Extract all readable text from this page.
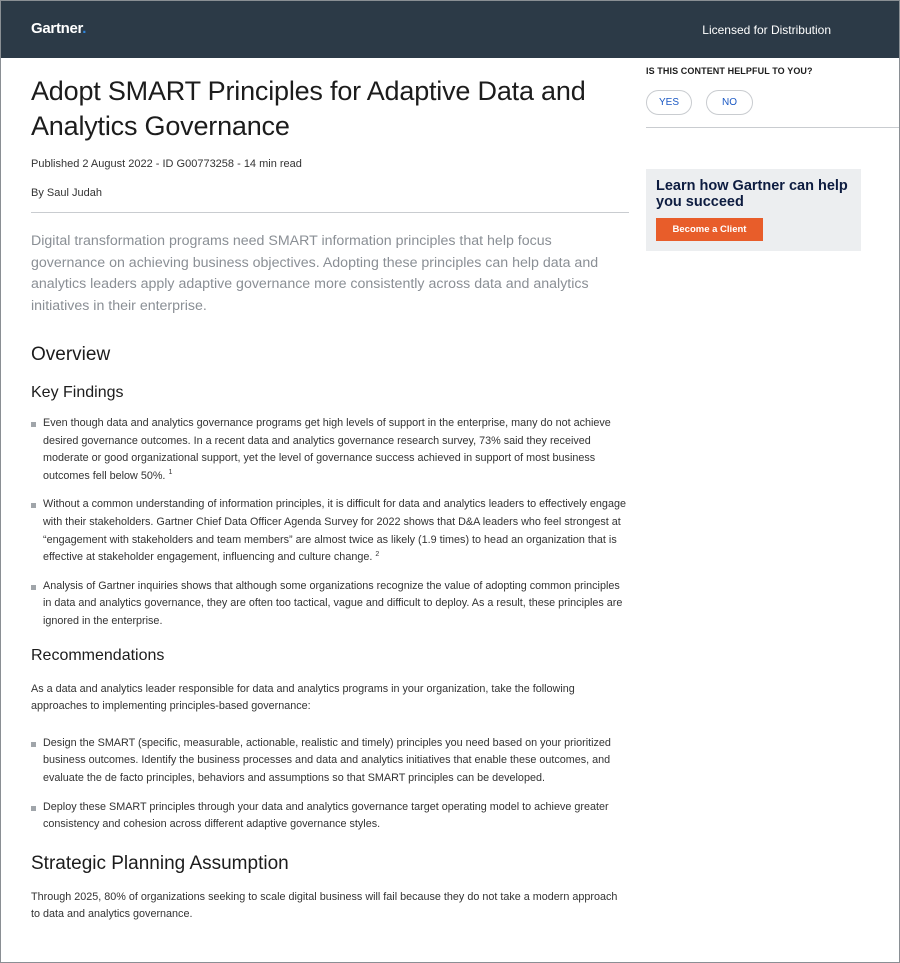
Gartner.	Licensed for Distribution
Adopt SMART Principles for Adaptive Data and Analytics Governance
Published 2 August 2022 - ID G00773258 - 14 min read
By Saul Judah

Digital transformation programs need SMART information principles that help focus governance on achieving business objectives. Adopting these principles can help data and analytics leaders apply adaptive governance more consistently across data and analytics initiatives in their enterprise.

Overview
Key Findings
Even though data and analytics governance programs get high levels of support in the enterprise, many do not achieve desired governance outcomes. In a recent data and analytics governance research survey, 73% said they received moderate or good organizational support, yet the level of governance success achieved in support of most business outcomes fell below 50%. $^1$
Without a common understanding of information principles, it is difficult for data and analytics leaders to effectively engage with their stakeholders. Gartner Chief Data Officer Agenda Survey for 2022 shows that D&A leaders who feel strongest at “engagement with stakeholders and team members” are almost twice as likely (1.9 times) to head an organization that is effective at stakeholder engagement, influencing and culture change. $^2$
Analysis of Gartner inquiries shows that although some organizations recognize the value of adopting common principles in data and analytics governance, they are often too tactical, vague and difficult to deploy. As a result, these principles are ignored in the enterprise.
Recommendations

As a data and analytics leader responsible for data and analytics programs in your organization, take the following approaches to implementing principles-based governance:

Design the SMART (specific, measurable, actionable, realistic and timely) principles you need based on your prioritized business outcomes. Identify the business processes and data and analytics initiatives that enable these outcomes, and evaluate the de facto principles, behaviors and assumptions so that SMART principles can be developed.
Deploy these SMART principles through your data and analytics governance target operating model to achieve greater consistency and cohesion across different adaptive governance styles.
Strategic Planning Assumption

Through 2025, 80% of organizations seeking to scale digital business will fail because they do not take a modern approach to data and analytics governance.

IS THIS CONTENT HELPFUL TO YOU?
YES	NO
Learn how Gartner can help you succeed
Become a Client
